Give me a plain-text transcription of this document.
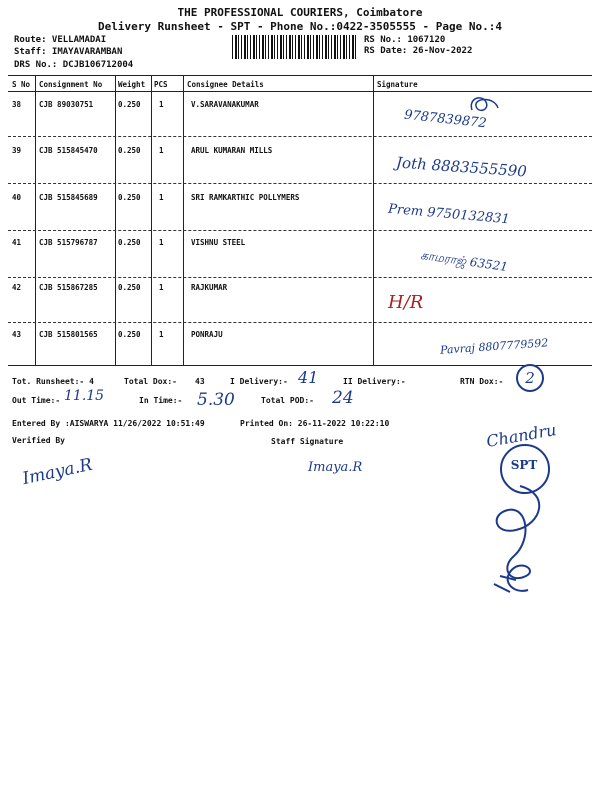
THE PROFESSIONAL COURIERS, Coimbatore
Delivery Runsheet - SPT - Phone No.:0422-3505555 - Page No.:4
Route: VELLAMADAI
Staff: IMAYAVARAMBAN
DRS No.: DCJB106712004
RS No.: 1067120
RS Date: 26-Nov-2022
S No Consignment No Weight PCS	Consignee Details	Signature
38 CJB 89030751	0.250 1	V.SARAVANAKUMAR
9787839872
39 CJB 515845470	0.250 1	ARUL KUMARAN MILLS
Joth 8883555590
40 CJB 515845689	0.250 1	SRI RAMKARTHIC POLLYMERS
Prem 9750132831
41 CJB 515796787	0.250 1	VISHNU STEEL
காமராஜ் 63521
42 CJB 515867285	0.250 1	RAJKUMAR
H/R
43 CJB 515801565	0.250 1	PONRAJU
Pavraj 8807779592
Tot. Runsheet:- 4	Total Dox:- 43	I Delivery:- 41	II Delivery:-	RTN Dox:-	2
Out Time:- 11.15	In Time:- 5.30	Total POD:- 24
Entered By :AISWARYA 11/26/2022 10:51:49	Printed On: 26-11-2022 10:22:10
Verified By	Staff Signature
Imaya.R	Imaya.R
Chandru
SPT
